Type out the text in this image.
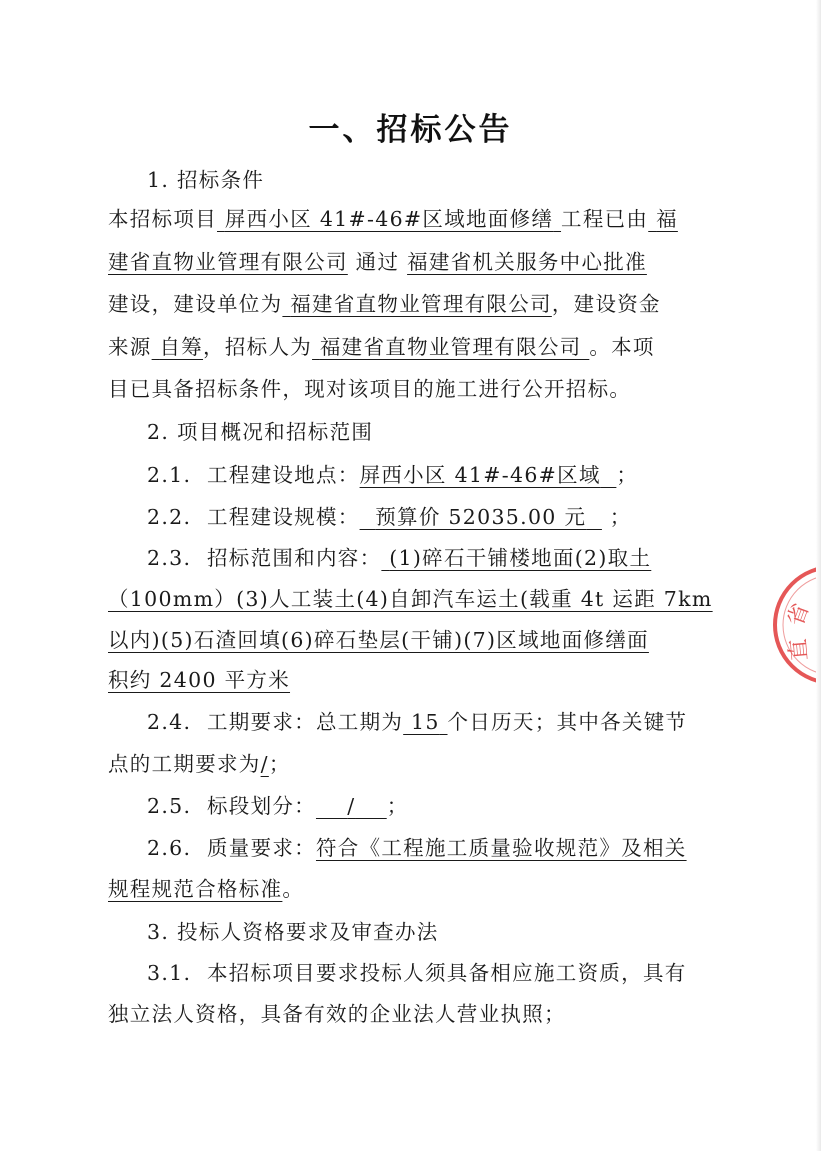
一、招标公告
1. 招标条件
本招标项目 屏西小区 41#-46#区域地面修缮 工程已由 福
建省直物业管理有限公司 通过 福建省机关服务中心批准
建设，建设单位为 福建省直物业管理有限公司，建设资金
来源 自筹，招标人为 福建省直物业管理有限公司 。本项
目已具备招标条件，现对该项目的施工进行公开招标。
2. 项目概况和招标范围
2.1. 工程建设地点：屏西小区 41#-46#区域 ；
2.2. 工程建设规模： 预算价 52035.00 元 ；
2.3. 招标范围和内容： (1)碎石干铺楼地面(2)取土
（100mm）(3)人工装土(4)自卸汽车运土(载重 4t 运距 7km
以内)(5)石渣回填(6)碎石垫层(干铺)(7)区域地面修缮面
积约 2400 平方米
2.4. 工期要求：总工期为 15 个日历天；其中各关键节
点的工期要求为/；
2.5. 标段划分： / ；
2.6. 质量要求：符合《工程施工质量验收规范》及相关
规程规范合格标准。
3. 投标人资格要求及审查办法
3.1. 本招标项目要求投标人须具备相应施工资质，具有
独立法人资格，具备有效的企业法人营业执照；
省
直
